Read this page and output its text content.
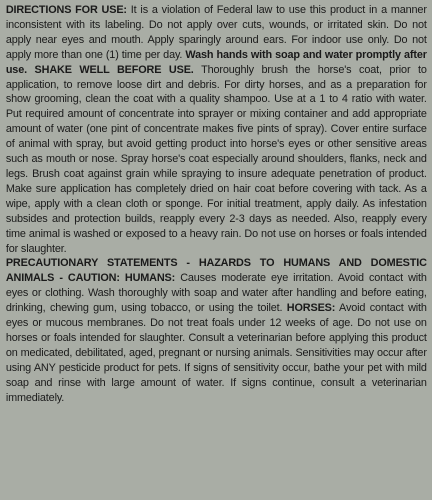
DIRECTIONS FOR USE: It is a violation of Federal law to use this product in a manner inconsistent with its labeling. Do not apply over cuts, wounds, or irritated skin. Do not apply near eyes and mouth. Apply sparingly around ears. For indoor use only. Do not apply more than one (1) time per day. Wash hands with soap and water promptly after use. SHAKE WELL BEFORE USE. Thoroughly brush the horse's coat, prior to application, to remove loose dirt and debris. For dirty horses, and as a preparation for show grooming, clean the coat with a quality shampoo. Use at a 1 to 4 ratio with water. Put required amount of concentrate into sprayer or mixing container and add appropriate amount of water (one pint of concentrate makes five pints of spray). Cover entire surface of animal with spray, but avoid getting product into horse's eyes or other sensitive areas such as mouth or nose. Spray horse's coat especially around shoulders, flanks, neck and legs. Brush coat against grain while spraying to insure adequate penetration of product. Make sure application has completely dried on hair coat before covering with tack. As a wipe, apply with a clean cloth or sponge. For initial treatment, apply daily. As infestation subsides and protection builds, reapply every 2-3 days as needed. Also, reapply every time animal is washed or exposed to a heavy rain. Do not use on horses or foals intended for slaughter.

PRECAUTIONARY STATEMENTS - HAZARDS TO HUMANS AND DOMESTIC ANIMALS - CAUTION: HUMANS: Causes moderate eye irritation. Avoid contact with eyes or clothing. Wash thoroughly with soap and water after handling and before eating, drinking, chewing gum, using tobacco, or using the toilet. HORSES: Avoid contact with eyes or mucous membranes. Do not treat foals under 12 weeks of age. Do not use on horses or foals intended for slaughter. Consult a veterinarian before applying this product on medicated, debilitated, aged, pregnant or nursing animals. Sensitivities may occur after using ANY pesticide product for pets. If signs of sensitivity occur, bathe your pet with mild soap and rinse with large amount of water. If signs continue, consult a veterinarian immediately.
